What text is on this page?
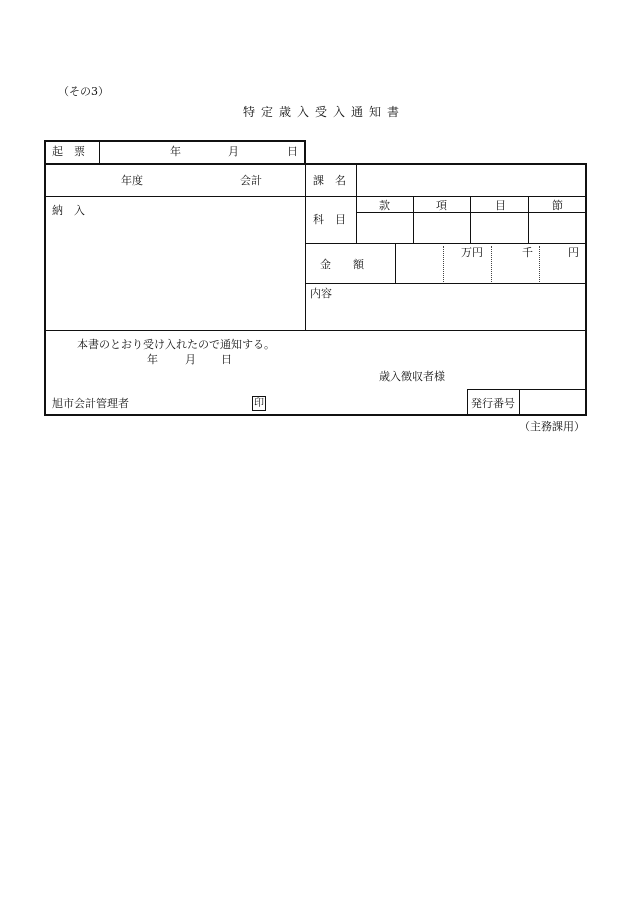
（その3）
特定歳入受入通知書
起　票	年	月	日
年度	会計	課　名
納　入
科　目
款	項	目	節
金　　額
万円	千	円
内容
本書のとおり受け入れたので通知する。
年 月 日
歳入徴収者様
旭市会計管理者	印	発行番号
（主務課用）
